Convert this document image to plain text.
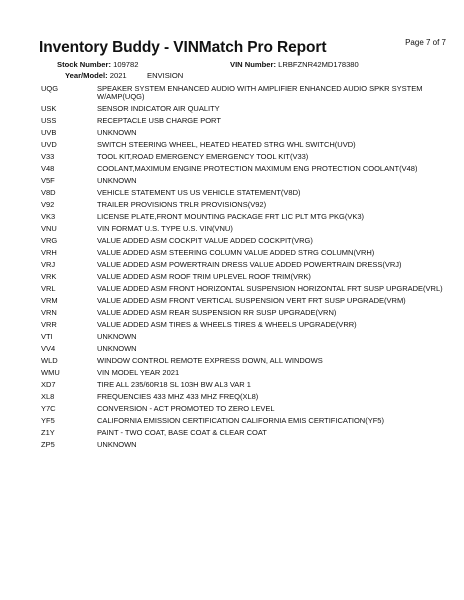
Page 7 of 7
Inventory Buddy - VINMatch Pro Report
Stock Number: 109782	VIN Number: LRBFZNR42MD178380
Year/Model: 2021	ENVISION
UQG	SPEAKER SYSTEM ENHANCED AUDIO WITH AMPLIFIER ENHANCED AUDIO SPKR SYSTEM W/AMP(UQG)
USK	SENSOR INDICATOR AIR QUALITY
USS	RECEPTACLE USB CHARGE PORT
UVB	UNKNOWN
UVD	SWITCH STEERING WHEEL, HEATED HEATED STRG WHL SWITCH(UVD)
V33	TOOL KIT,ROAD EMERGENCY EMERGENCY TOOL KIT(V33)
V48	COOLANT,MAXIMUM ENGINE PROTECTION MAXIMUM ENG PROTECTION COOLANT(V48)
V5F	UNKNOWN
V8D	VEHICLE STATEMENT US US VEHICLE STATEMENT(V8D)
V92	TRAILER PROVISIONS TRLR PROVISIONS(V92)
VK3	LICENSE PLATE,FRONT MOUNTING PACKAGE FRT LIC PLT MTG PKG(VK3)
VNU	VIN FORMAT U.S. TYPE U.S. VIN(VNU)
VRG	VALUE ADDED ASM COCKPIT VALUE ADDED COCKPIT(VRG)
VRH	VALUE ADDED ASM STEERING COLUMN VALUE ADDED STRG COLUMN(VRH)
VRJ	VALUE ADDED ASM POWERTRAIN DRESS VALUE ADDED POWERTRAIN DRESS(VRJ)
VRK	VALUE ADDED ASM ROOF TRIM UPLEVEL ROOF TRIM(VRK)
VRL	VALUE ADDED ASM FRONT HORIZONTAL SUSPENSION HORIZONTAL FRT SUSP UPGRADE(VRL)
VRM	VALUE ADDED ASM FRONT VERTICAL SUSPENSION VERT FRT SUSP UPGRADE(VRM)
VRN	VALUE ADDED ASM REAR SUSPENSION RR SUSP UPGRADE(VRN)
VRR	VALUE ADDED ASM TIRES & WHEELS TIRES & WHEELS UPGRADE(VRR)
VTI	UNKNOWN
VV4	UNKNOWN
WLD	WINDOW CONTROL REMOTE EXPRESS DOWN, ALL WINDOWS
WMU	VIN MODEL YEAR 2021
XD7	TIRE ALL 235/60R18 SL 103H BW AL3 VAR 1
XL8	FREQUENCIES 433 MHZ 433 MHZ FREQ(XL8)
Y7C	CONVERSION - ACT PROMOTED TO ZERO LEVEL
YF5	CALIFORNIA EMISSION CERTIFICATION CALIFORNIA EMIS CERTIFICATION(YF5)
Z1Y	PAINT - TWO COAT, BASE COAT & CLEAR COAT
ZP5	UNKNOWN
